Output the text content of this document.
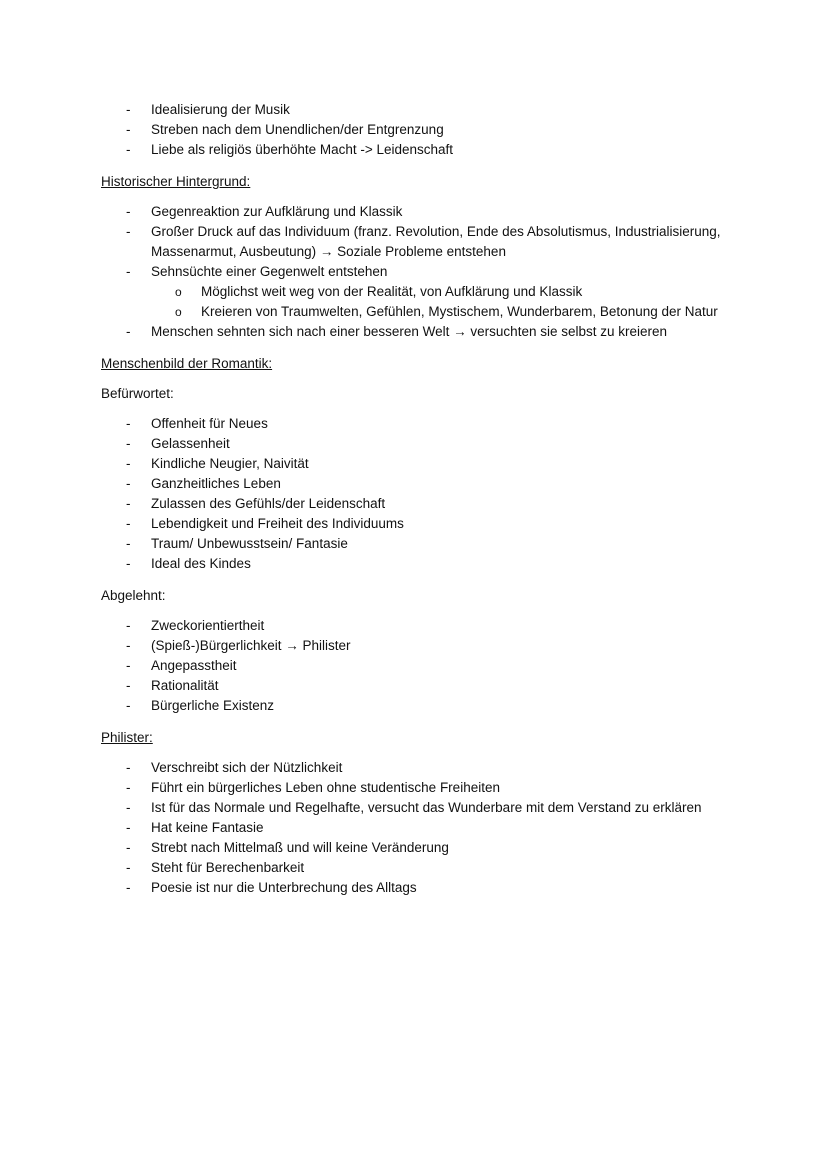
- Idealisierung der Musik
- Streben nach dem Unendlichen/der Entgrenzung
- Liebe als religiös überhöhte Macht -> Leidenschaft
Historischer Hintergrund:
- Gegenreaktion zur Aufklärung und Klassik
- Großer Druck auf das Individuum (franz. Revolution, Ende des Absolutismus, Industrialisierung,
Massenarmut, Ausbeutung) → Soziale Probleme entstehen
- Sehnsüchte einer Gegenwelt entstehen
o Möglichst weit weg von der Realität, von Aufklärung und Klassik
o Kreieren von Traumwelten, Gefühlen, Mystischem, Wunderbarem, Betonung der Natur
- Menschen sehnten sich nach einer besseren Welt → versuchten sie selbst zu kreieren
Menschenbild der Romantik:
Befürwortet:
- Offenheit für Neues
- Gelassenheit
- Kindliche Neugier, Naivität
- Ganzheitliches Leben
- Zulassen des Gefühls/der Leidenschaft
- Lebendigkeit und Freiheit des Individuums
- Traum/ Unbewusstsein/ Fantasie
- Ideal des Kindes
Abgelehnt:
- Zweckorientiertheit
- (Spieß-)Bürgerlichkeit → Philister
- Angepasstheit
- Rationalität
- Bürgerliche Existenz
Philister:
- Verschreibt sich der Nützlichkeit
- Führt ein bürgerliches Leben ohne studentische Freiheiten
- Ist für das Normale und Regelhafte, versucht das Wunderbare mit dem Verstand zu erklären
- Hat keine Fantasie
- Strebt nach Mittelmaß und will keine Veränderung
- Steht für Berechenbarkeit
- Poesie ist nur die Unterbrechung des Alltags
